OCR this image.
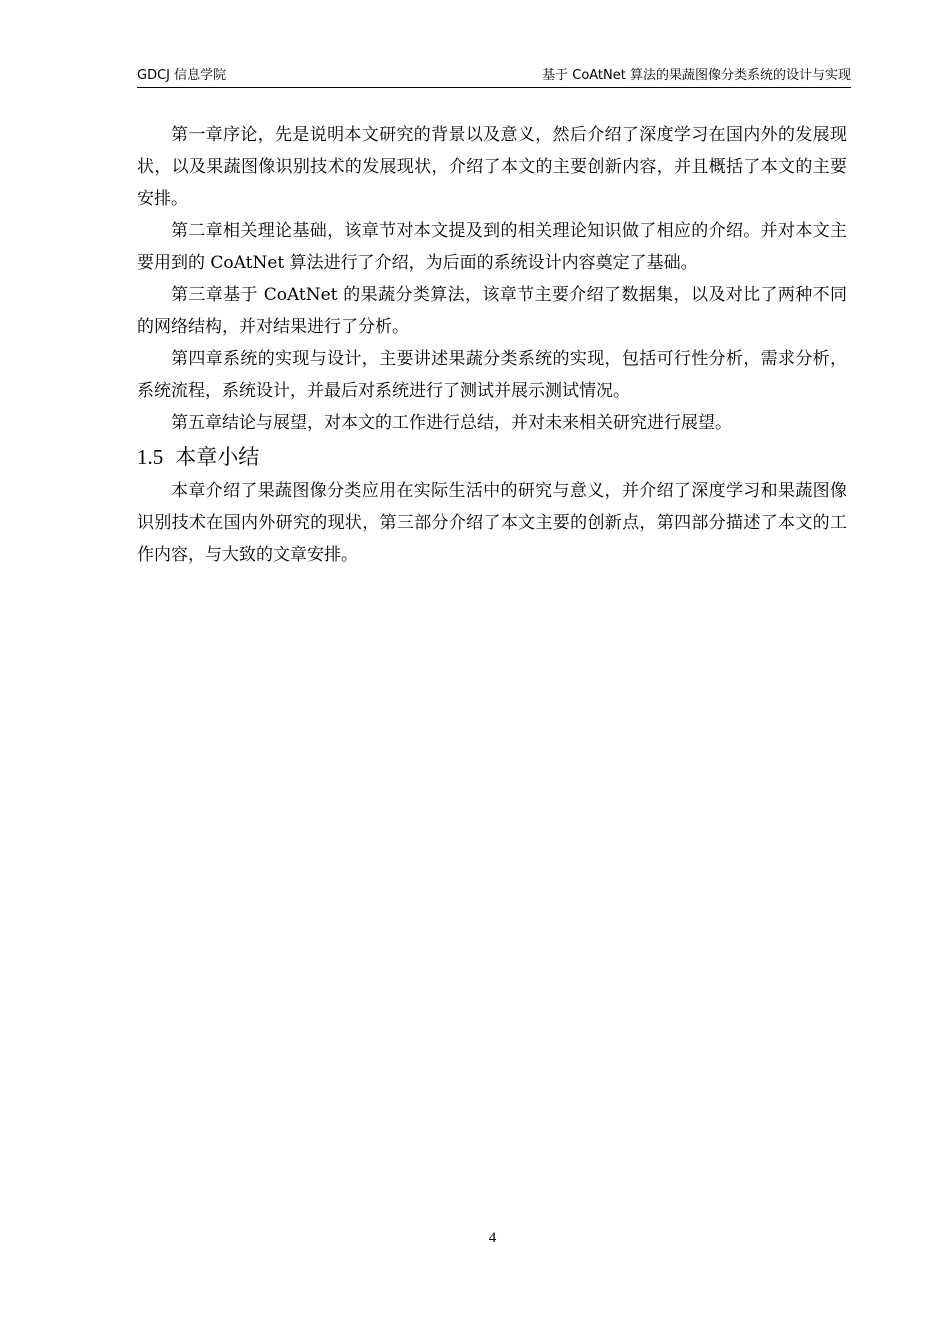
GDCJ 信息学院	基于 CoAtNet 算法的果蔬图像分类系统的设计与实现

第一章序论，先是说明本文研究的背景以及意义，然后介绍了深度学习在国内外的发展现状，以及果蔬图像识别技术的发展现状，介绍了本文的主要创新内容，并且概括了本文的主要安排。

第二章相关理论基础，该章节对本文提及到的相关理论知识做了相应的介绍。并对本文主要用到的 CoAtNet 算法进行了介绍，为后面的系统设计内容奠定了基础。

第三章基于 CoAtNet 的果蔬分类算法，该章节主要介绍了数据集，以及对比了两种不同的网络结构，并对结果进行了分析。

第四章系统的实现与设计，主要讲述果蔬分类系统的实现，包括可行性分析，需求分析，系统流程，系统设计，并最后对系统进行了测试并展示测试情况。

第五章结论与展望，对本文的工作进行总结，并对未来相关研究进行展望。

1.5 本章小结

本章介绍了果蔬图像分类应用在实际生活中的研究与意义，并介绍了深度学习和果蔬图像识别技术在国内外研究的现状，第三部分介绍了本文主要的创新点，第四部分描述了本文的工作内容，与大致的文章安排。

4
